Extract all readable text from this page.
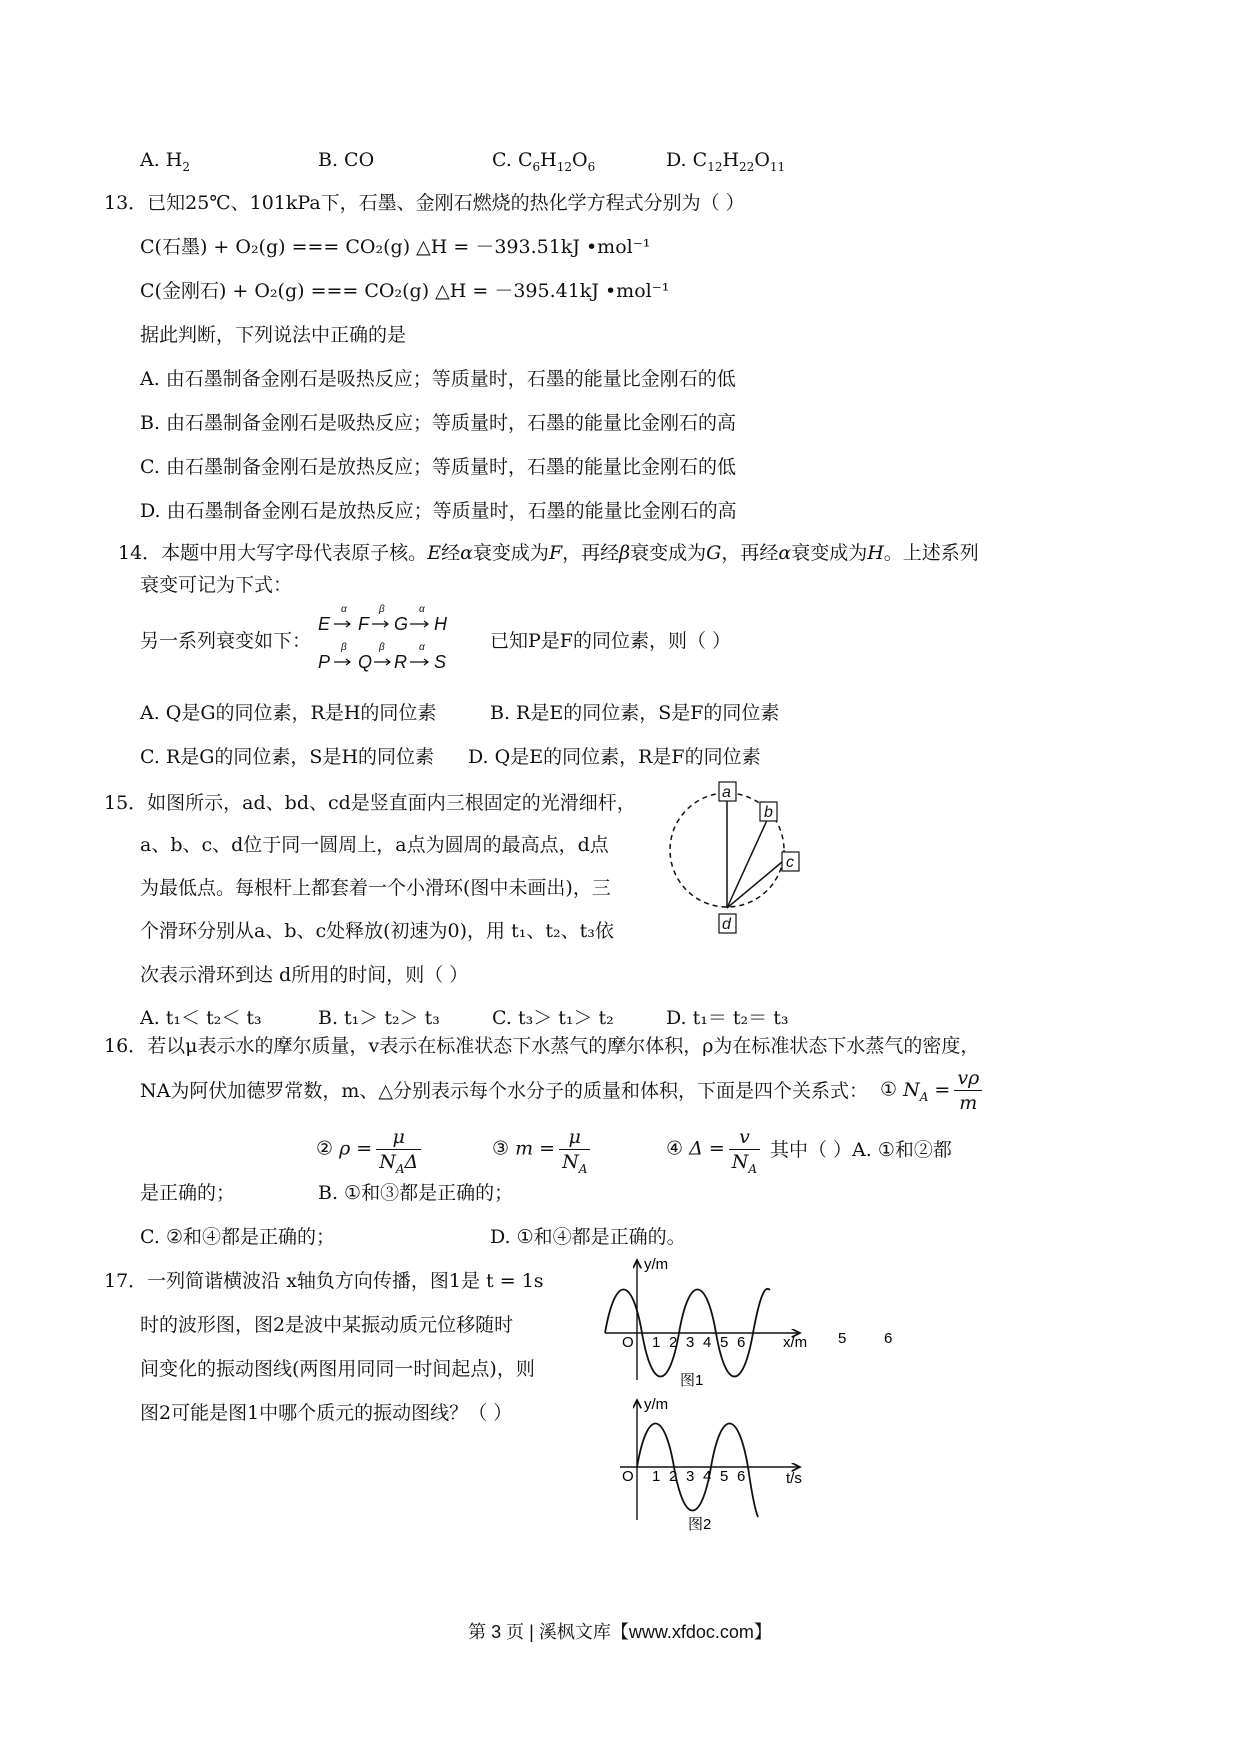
A. $H_2$	B. CO	C. $C_6H_{12}O_6$	D. $C_{12}H_{22}O_{11}$
13．已知25℃、101kPa下，石墨、金刚石燃烧的热化学方程式分别为（ ）
C(石墨) + O₂(g) === CO₂(g) △H = －393.51kJ •mol⁻¹
C(金刚石) + O₂(g) === CO₂(g) △H = －395.41kJ •mol⁻¹
据此判断，下列说法中正确的是
A. 由石墨制备金刚石是吸热反应；等质量时，石墨的能量比金刚石的低
B. 由石墨制备金刚石是吸热反应；等质量时，石墨的能量比金刚石的高
C. 由石墨制备金刚石是放热反应；等质量时，石墨的能量比金刚石的低
D. 由石墨制备金刚石是放热反应；等质量时，石墨的能量比金刚石的高
14．本题中用大写字母代表原子核。E经α衰变成为F，再经β衰变成为G，再经α衰变成为H。上述系列
衰变可记为下式：
另一系列衰变如下：
E F G H
P Q R S
α	β	α
β	β	α	已知P是F的同位素，则（ ）
A. Q是G的同位素，R是H的同位素	B. R是E的同位素，S是F的同位素
C. R是G的同位素，S是H的同位素 D. Q是E的同位素，R是F的同位素
15．如图所示，ad、bd、cd是竖直面内三根固定的光滑细杆，
a、b、c、d位于同一圆周上，a点为圆周的最高点，d点
为最低点。每根杆上都套着一个小滑环(图中未画出)，三
个滑环分别从a、b、c处释放(初速为0)，用 t₁、t₂、t₃依
次表示滑环到达 d所用的时间，则（ ）
a
b
c
d
A. t₁＜ t₂＜ t₃	B. t₁＞ t₂＞ t₃	C. t₃＞ t₁＞ t₂	D. t₁＝ t₂＝ t₃
16．若以μ表示水的摩尔质量，v表示在标准状态下水蒸气的摩尔体积，ρ为在标准状态下水蒸气的密度，
NA为阿伏加德罗常数，m、△分别表示每个水分子的质量和体积，下面是四个关系式： ① $N_A = \frac{v\rho}{m}$
② $\rho = \frac{\mu}{N_A\Delta}$	③ $m = \frac{\mu}{N_A}$	④ $\Delta = \frac{v}{N_A}$ 其中（ ）A. ①和②都
是正确的；	B. ①和③都是正确的；
C. ②和④都是正确的；	D. ①和④都是正确的。
17．一列简谐横波沿 x轴负方向传播，图1是 t = 1s
时的波形图，图2是波中某振动质元位移随时
间变化的振动图线(两图用同同一时间起点)，则
图2可能是图1中哪个质元的振动图线？（ ）
y/m
x/m
O 1 2 3 4 5 6	5	6
图1
第 3 页 | 溪枫文库【www.xfdoc.com】
y/m
t/s
O 1 2 3 4 5 6
图2
